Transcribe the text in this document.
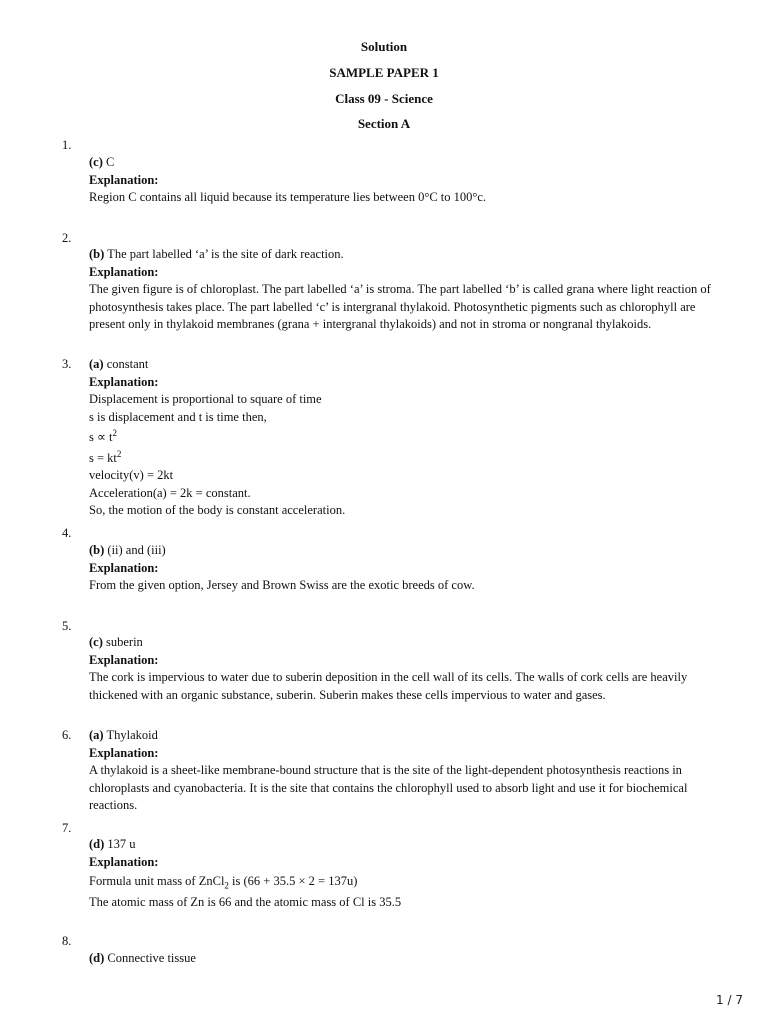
Solution
SAMPLE PAPER 1
Class 09 - Science
Section A
1.

(c) C

Explanation:

Region C contains all liquid because its temperature lies between 0°C to 100°c.

2.

(b) The part labelled ‘a’ is the site of dark reaction.

Explanation:

The given figure is of chloroplast. The part labelled ‘a’ is stroma. The part labelled ‘b’ is called grana where light reaction of photosynthesis takes place. The part labelled ‘c’ is intergranal thylakoid. Photosynthetic pigments such as chlorophyll are present only in thylakoid membranes (grana + intergranal thylakoids) and not in stroma or nongranal thylakoids.

3. (a) constant

Explanation:

Displacement is proportional to square of time

s is displacement and t is time then,

$s \propto t^2$

$s = kt^2$

velocity(v) = 2kt

Acceleration(a) = 2k = constant.

So, the motion of the body is constant acceleration.

4.

(b) (ii) and (iii)

Explanation:

From the given option, Jersey and Brown Swiss are the exotic breeds of cow.

5.

(c) suberin

Explanation:

The cork is impervious to water due to suberin deposition in the cell wall of its cells. The walls of cork cells are heavily thickened with an organic substance, suberin. Suberin makes these cells impervious to water and gases.

6. (a) Thylakoid

Explanation:

A thylakoid is a sheet-like membrane-bound structure that is the site of the light-dependent photosynthesis reactions in chloroplasts and cyanobacteria. It is the site that contains the chlorophyll used to absorb light and use it for biochemical reactions.

7.

(d) 137 u

Explanation:

Formula unit mass of ZnCl$_2$ is (66 + 35.5 × 2 = 137u)

The atomic mass of Zn is 66 and the atomic mass of Cl is 35.5

8.

(d) Connective tissue

1 / 7
